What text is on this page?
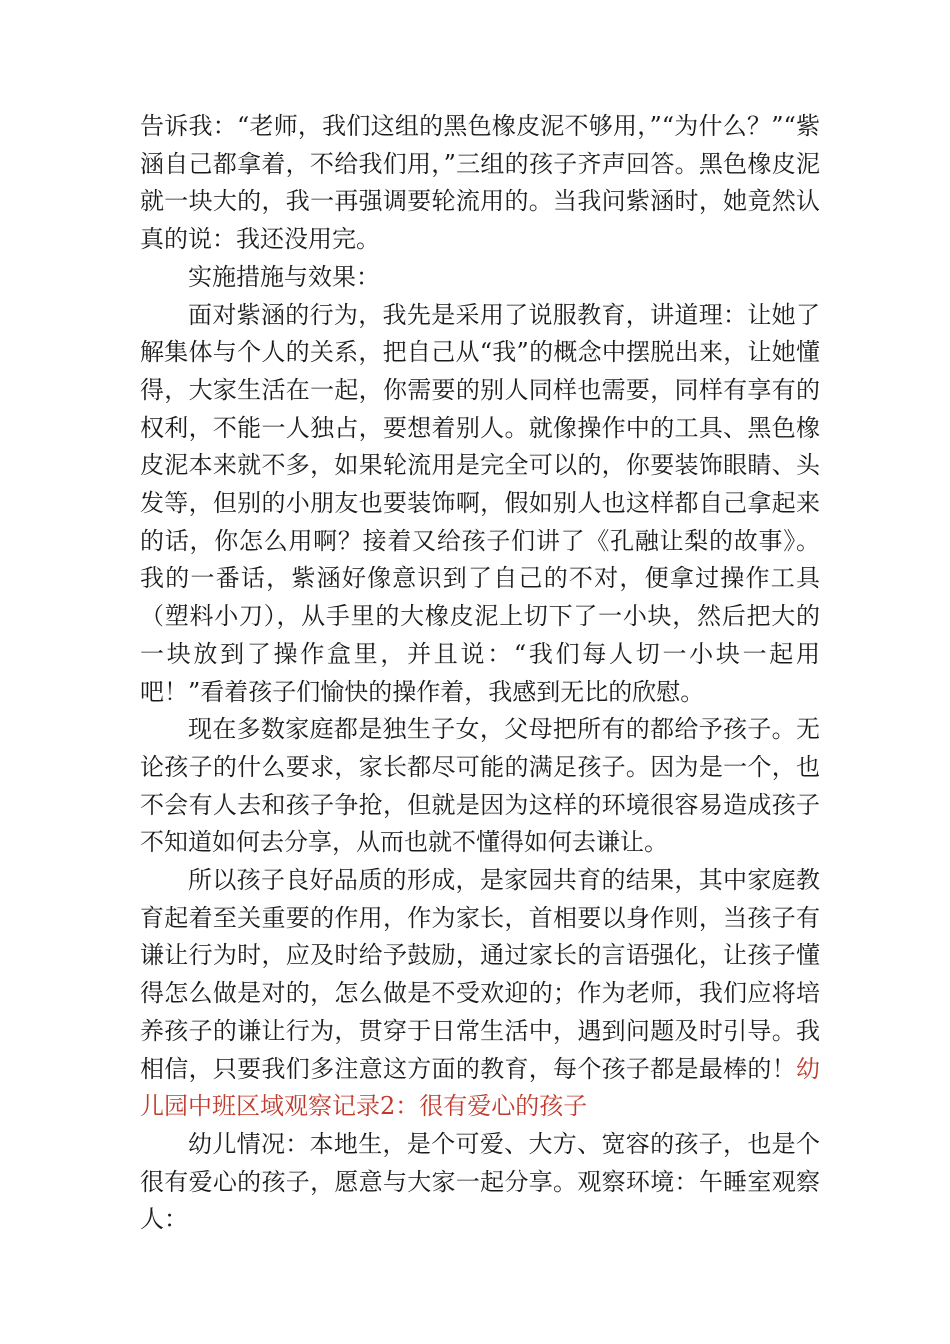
告诉我：“老师，我们这组的黑色橡皮泥不够用，”“为什么？”“紫涵自己都拿着，不给我们用，”三组的孩子齐声回答。黑色橡皮泥就一块大的，我一再强调要轮流用的。当我问紫涵时，她竟然认真的说：我还没用完。

实施措施与效果：

面对紫涵的行为，我先是采用了说服教育，讲道理：让她了解集体与个人的关系，把自己从“我”的概念中摆脱出来，让她懂得，大家生活在一起，你需要的别人同样也需要，同样有享有的权利，不能一人独占，要想着别人。就像操作中的工具、黑色橡皮泥本来就不多，如果轮流用是完全可以的，你要装饰眼睛、头发等，但别的小朋友也要装饰啊，假如别人也这样都自己拿起来的话，你怎么用啊？接着又给孩子们讲了《孔融让梨的故事》。我的一番话，紫涵好像意识到了自己的不对，便拿过操作工具（塑料小刀），从手里的大橡皮泥上切下了一小块，然后把大的一块放到了操作盒里，并且说：“我们每人切一小块一起用吧！”看着孩子们愉快的操作着，我感到无比的欣慰。

现在多数家庭都是独生子女，父母把所有的都给予孩子。无论孩子的什么要求，家长都尽可能的满足孩子。因为是一个，也不会有人去和孩子争抢，但就是因为这样的环境很容易造成孩子不知道如何去分享，从而也就不懂得如何去谦让。

所以孩子良好品质的形成，是家园共育的结果，其中家庭教育起着至关重要的作用，作为家长，首相要以身作则，当孩子有谦让行为时，应及时给予鼓励，通过家长的言语强化，让孩子懂得怎么做是对的，怎么做是不受欢迎的；作为老师，我们应将培养孩子的谦让行为，贯穿于日常生活中，遇到问题及时引导。我相信，只要我们多注意这方面的教育，每个孩子都是最棒的！幼儿园中班区域观察记录2：很有爱心的孩子

幼儿情况：本地生，是个可爱、大方、宽容的孩子，也是个很有爱心的孩子，愿意与大家一起分享。观察环境：午睡室观察人：
